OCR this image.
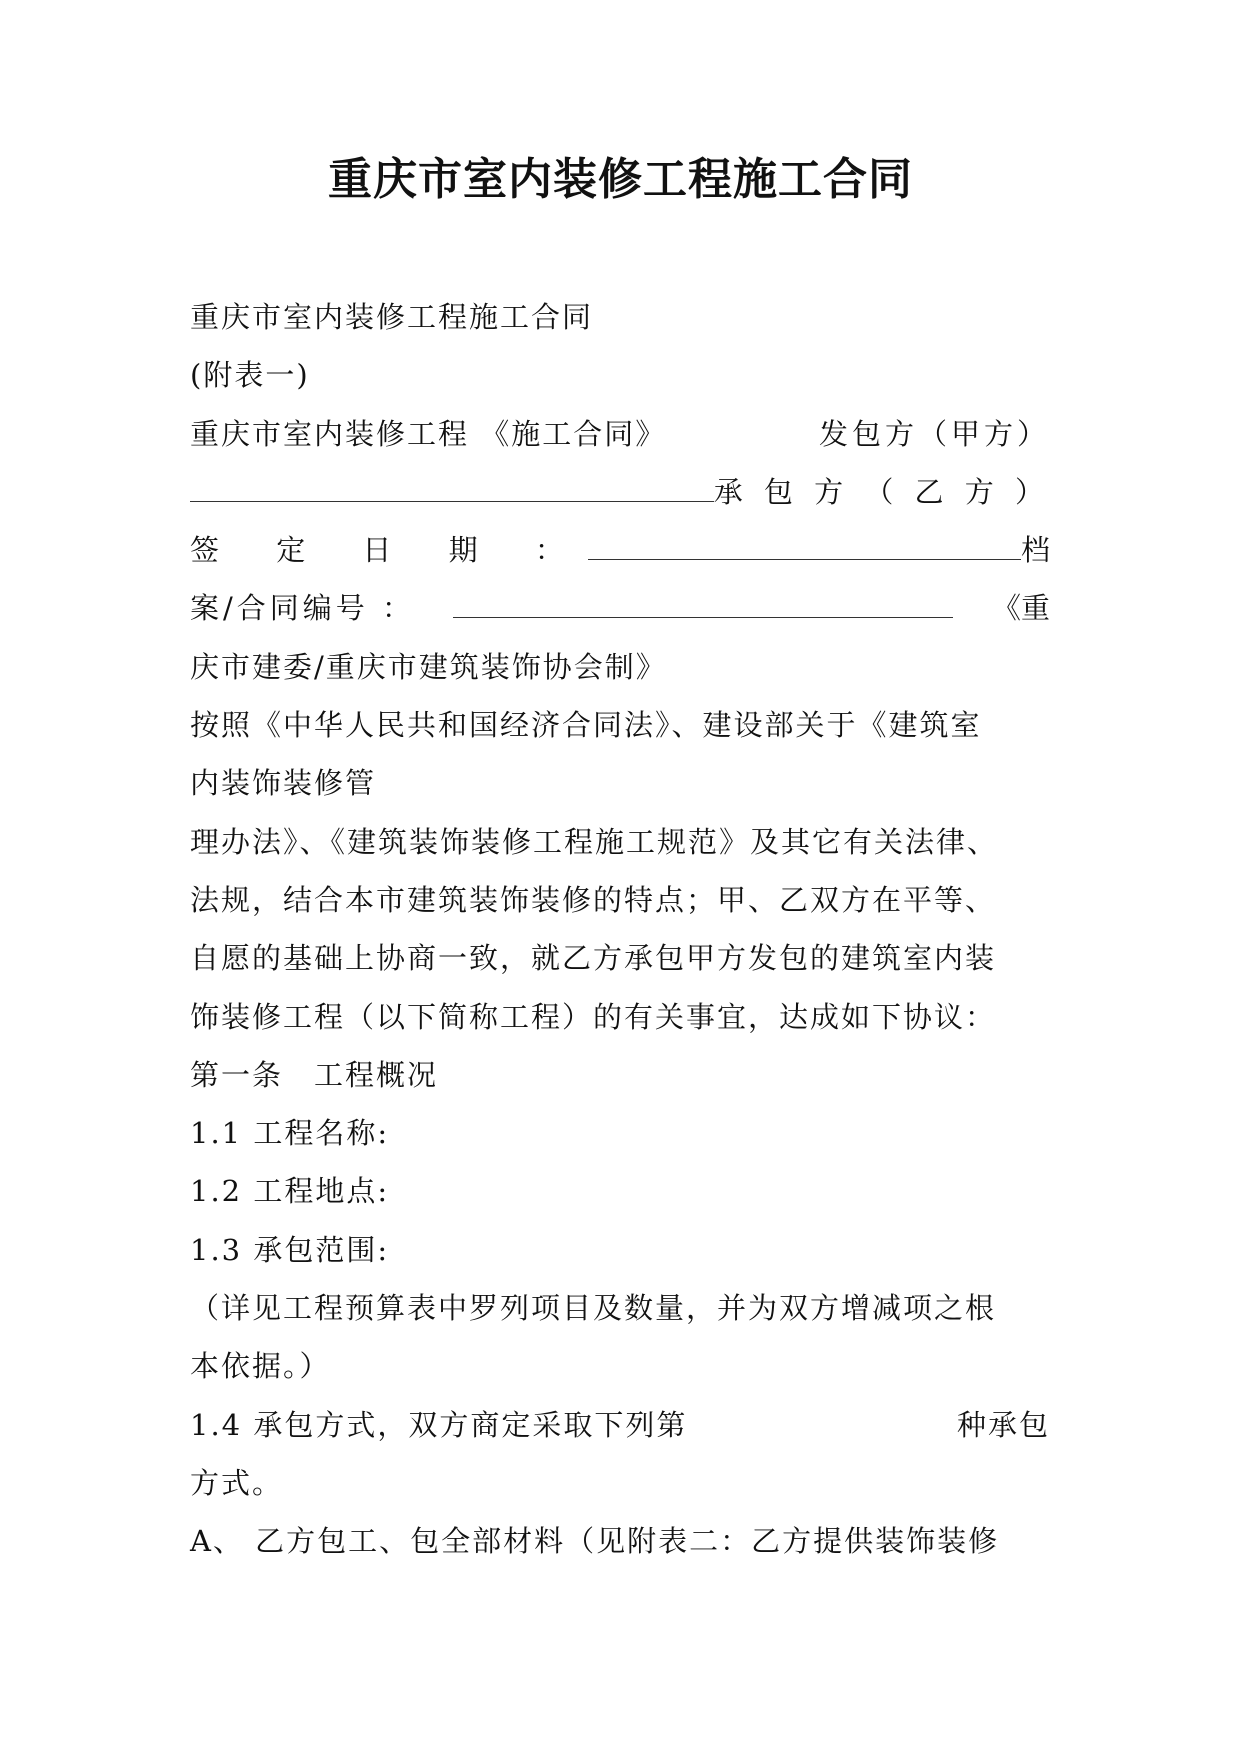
重庆市室内装修工程施工合同
重庆市室内装修工程施工合同
(附表一)
重庆市室内装修工程 《施工合同》	发包方（甲方）
承 包 方 （ 乙 方 ）
签 定 日 期 ：	档
案/合同编号 ：	《重
庆市建委/重庆市建筑装饰协会制》
按照《中华人民共和国经济合同法》、建设部关于《建筑室
内装饰装修管
理办法》、《建筑装饰装修工程施工规范》及其它有关法律、
法规，结合本市建筑装饰装修的特点；甲、乙双方在平等、
自愿的基础上协商一致，就乙方承包甲方发包的建筑室内装
饰装修工程（以下简称工程）的有关事宜，达成如下协议：
第一条　工程概况
1.1 工程名称:
1.2 工程地点:
1.3 承包范围:
（详见工程预算表中罗列项目及数量，并为双方增减项之根
本依据。）
1.4 承包方式，双方商定采取下列第	种承包
方式。
A、 乙方包工、包全部材料（见附表二：乙方提供装饰装修
